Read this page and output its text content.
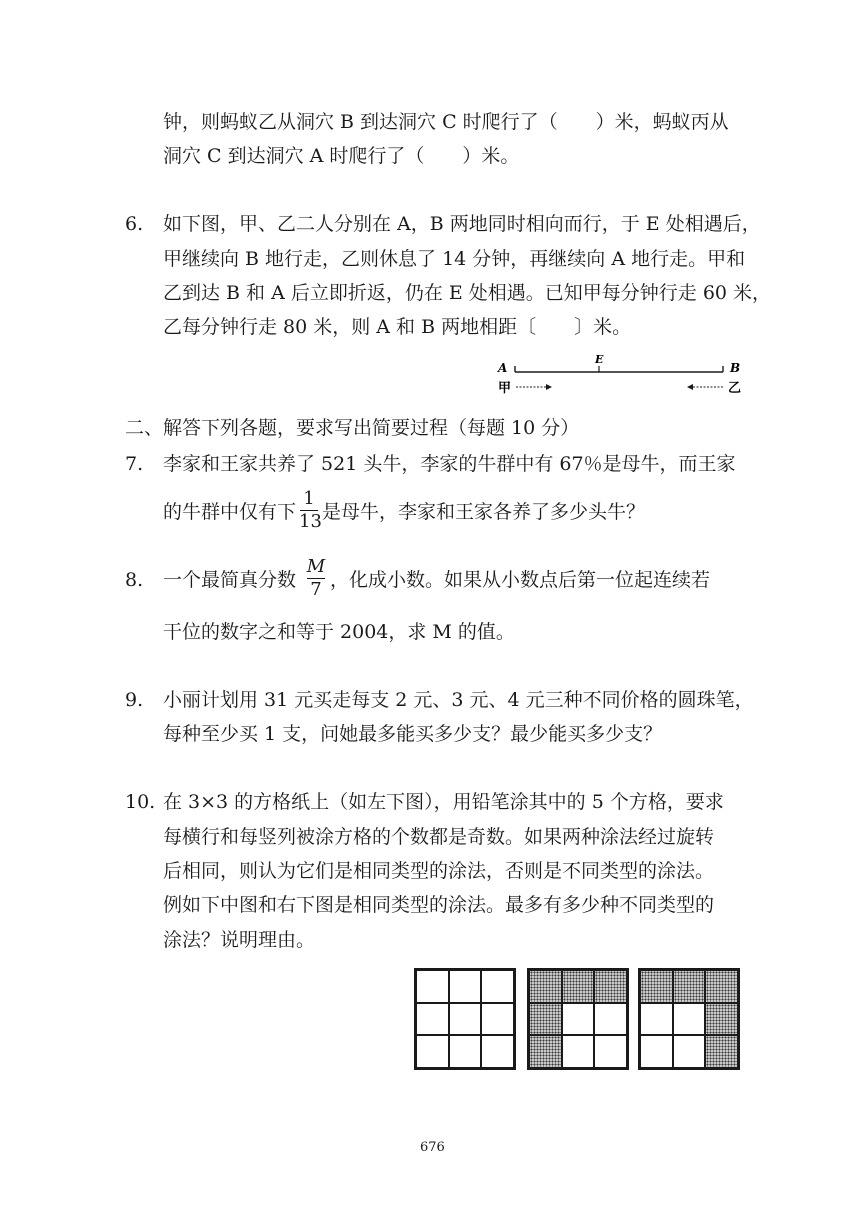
钟，则蚂蚁乙从洞穴 B 到达洞穴 C 时爬行了（　　）米，蚂蚁丙从
洞穴 C 到达洞穴 A 时爬行了（　　）米。
6. 如下图，甲、乙二人分别在 A，B 两地同时相向而行，于 E 处相遇后，
甲继续向 B 地行走，乙则休息了 14 分钟，再继续向 A 地行走。甲和
乙到达 B 和 A 后立即折返，仍在 E 处相遇。已知甲每分钟行走 60 米，
乙每分钟行走 80 米，则 A 和 B 两地相距〔　　〕米。
A
E
B
甲	乙
二、解答下列各题，要求写出简要过程（每题 10 分）
7. 李家和王家共养了 521 头牛，李家的牛群中有 67％是母牛，而王家
的牛群中仅有下
1
13 是母牛，李家和王家各养了多少头牛？
8. 一个最简真分数
M
7 ，化成小数。如果从小数点后第一位起连续若
干位的数字之和等于 2004，求 M 的值。
9. 小丽计划用 31 元买走每支 2 元、3 元、4 元三种不同价格的圆珠笔，
每种至少买 1 支，问她最多能买多少支？最少能买多少支？
10. 在 3×3 的方格纸上（如左下图），用铅笔涂其中的 5 个方格，要求
每横行和每竖列被涂方格的个数都是奇数。如果两种涂法经过旋转
后相同，则认为它们是相同类型的涂法，否则是不同类型的涂法。
例如下中图和右下图是相同类型的涂法。最多有多少种不同类型的
涂法？说明理由。
676
